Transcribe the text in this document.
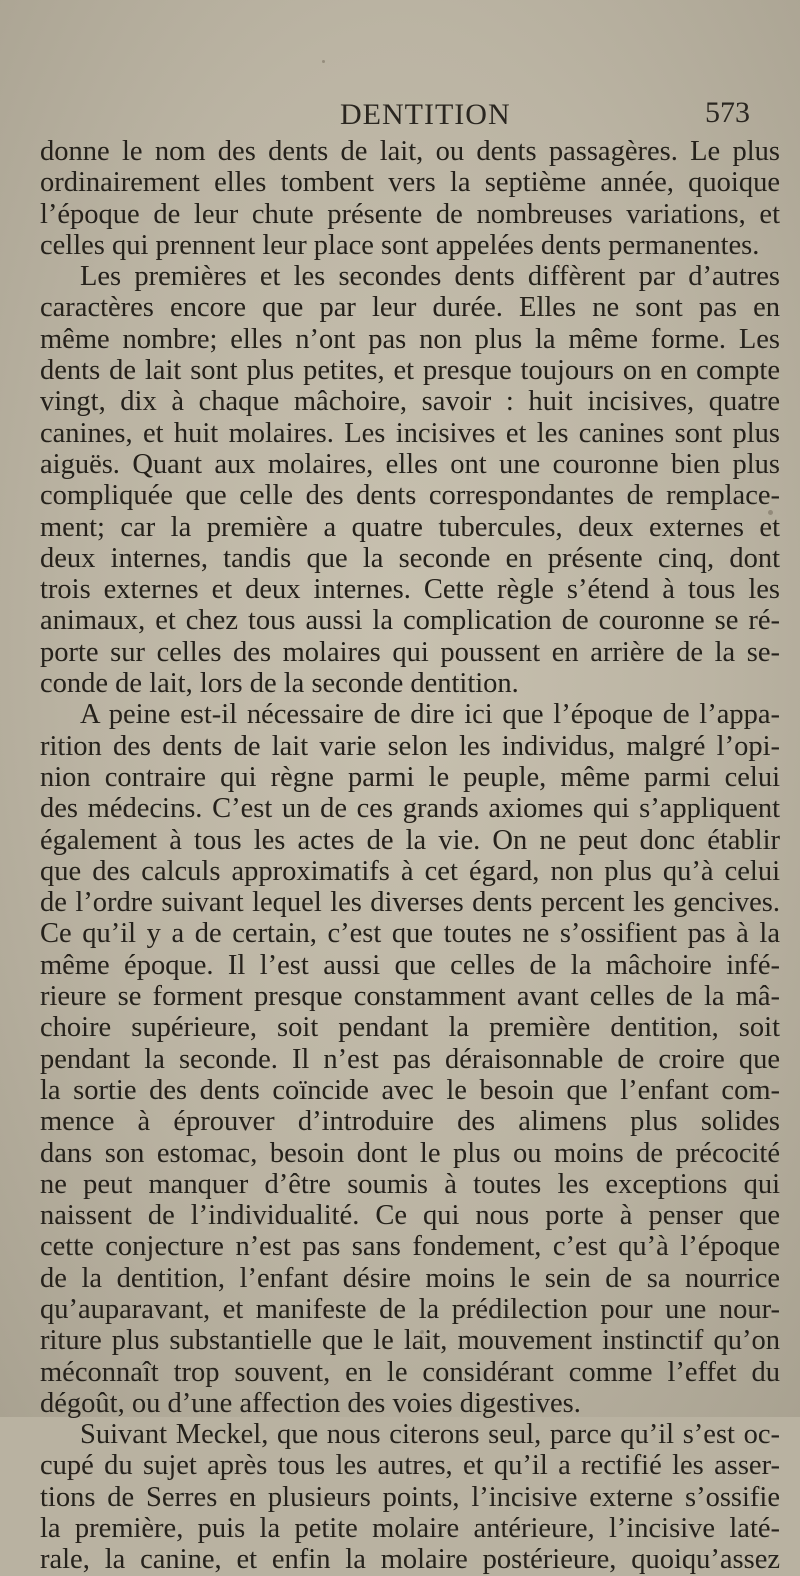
DENTITION	573
donne le nom des dents de lait, ou dents passagères. Le plus
ordinairement elles tombent vers la septième année, quoique
l’époque de leur chute présente de nombreuses variations, et
celles qui prennent leur place sont appelées dents permanentes.
Les premières et les secondes dents diffèrent par d’autres
caractères encore que par leur durée. Elles ne sont pas en
même nombre; elles n’ont pas non plus la même forme. Les
dents de lait sont plus petites, et presque toujours on en compte
vingt, dix à chaque mâchoire, savoir : huit incisives, quatre
canines, et huit molaires. Les incisives et les canines sont plus
aiguës. Quant aux molaires, elles ont une couronne bien plus
compliquée que celle des dents correspondantes de remplace-
ment; car la première a quatre tubercules, deux externes et
deux internes, tandis que la seconde en présente cinq, dont
trois externes et deux internes. Cette règle s’étend à tous les
animaux, et chez tous aussi la complication de couronne se ré-
porte sur celles des molaires qui poussent en arrière de la se-
conde de lait, lors de la seconde dentition.
A peine est-il nécessaire de dire ici que l’époque de l’appa-
rition des dents de lait varie selon les individus, malgré l’opi-
nion contraire qui règne parmi le peuple, même parmi celui
des médecins. C’est un de ces grands axiomes qui s’appliquent
également à tous les actes de la vie. On ne peut donc établir
que des calculs approximatifs à cet égard, non plus qu’à celui
de l’ordre suivant lequel les diverses dents percent les gencives.
Ce qu’il y a de certain, c’est que toutes ne s’ossifient pas à la
même époque. Il l’est aussi que celles de la mâchoire infé-
rieure se forment presque constamment avant celles de la mâ-
choire supérieure, soit pendant la première dentition, soit
pendant la seconde. Il n’est pas déraisonnable de croire que
la sortie des dents coïncide avec le besoin que l’enfant com-
mence à éprouver d’introduire des alimens plus solides
dans son estomac, besoin dont le plus ou moins de précocité
ne peut manquer d’être soumis à toutes les exceptions qui
naissent de l’individualité. Ce qui nous porte à penser que
cette conjecture n’est pas sans fondement, c’est qu’à l’époque
de la dentition, l’enfant désire moins le sein de sa nourrice
qu’auparavant, et manifeste de la prédilection pour une nour-
riture plus substantielle que le lait, mouvement instinctif qu’on
méconnaît trop souvent, en le considérant comme l’effet du
dégoût, ou d’une affection des voies digestives.
Suivant Meckel, que nous citerons seul, parce qu’il s’est oc-
cupé du sujet après tous les autres, et qu’il a rectifié les asser-
tions de Serres en plusieurs points, l’incisive externe s’ossifie
la première, puis la petite molaire antérieure, l’incisive laté-
rale, la canine, et enfin la molaire postérieure, quoiqu’assez
